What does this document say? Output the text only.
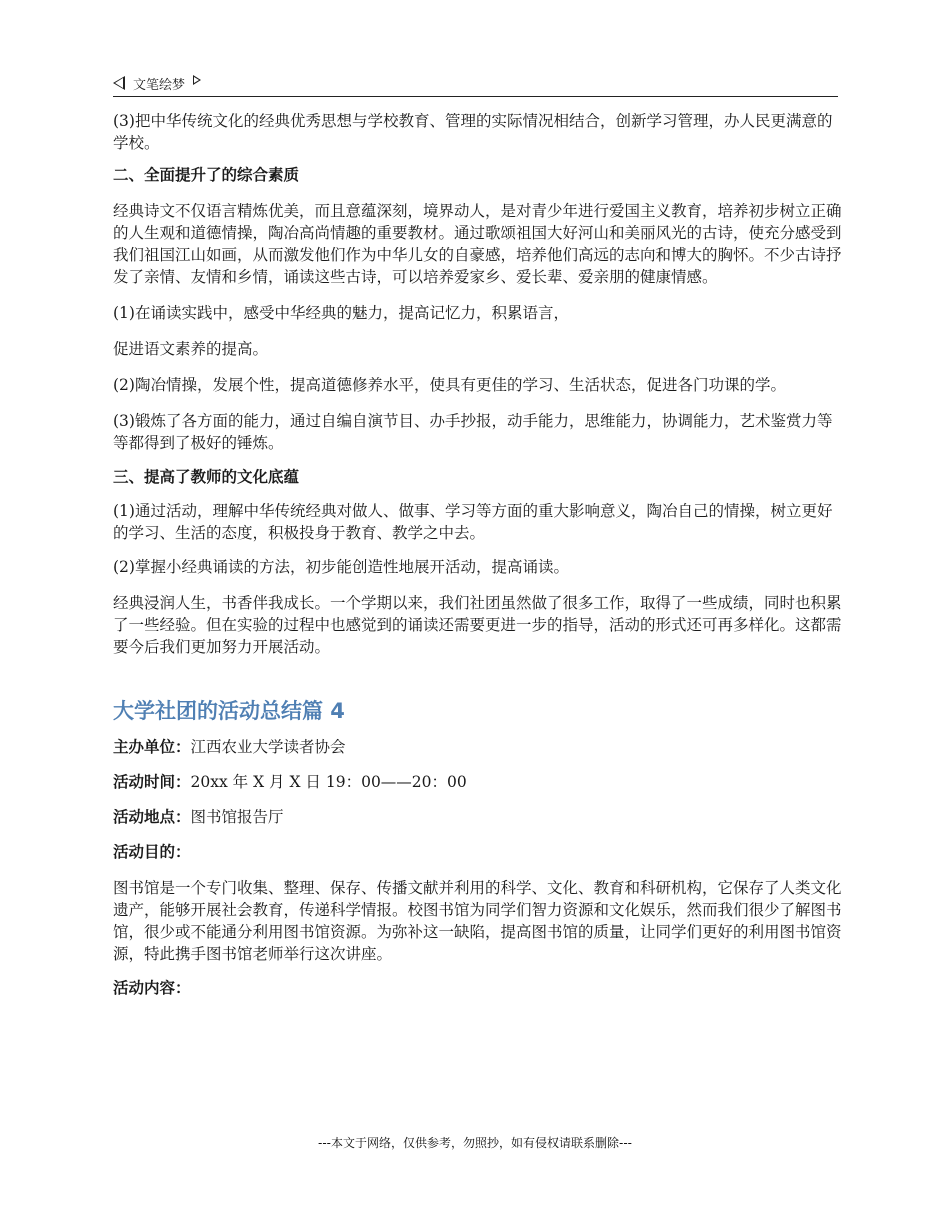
文笔绘梦

(3)把中华传统文化的经典优秀思想与学校教育、管理的实际情况相结合，创新学习管理，办人民更满意的学校。

二、全面提升了的综合素质

经典诗文不仅语言精炼优美，而且意蕴深刻，境界动人，是对青少年进行爱国主义教育，培养初步树立正确的人生观和道德情操，陶冶高尚情趣的重要教材。通过歌颂祖国大好河山和美丽风光的古诗，使充分感受到我们祖国江山如画，从而激发他们作为中华儿女的自豪感，培养他们高远的志向和博大的胸怀。不少古诗抒发了亲情、友情和乡情，诵读这些古诗，可以培养爱家乡、爱长辈、爱亲朋的健康情感。

(1)在诵读实践中，感受中华经典的魅力，提高记忆力，积累语言，

促进语文素养的提高。

(2)陶冶情操，发展个性，提高道德修养水平，使具有更佳的学习、生活状态，促进各门功课的学。

(3)锻炼了各方面的能力，通过自编自演节目、办手抄报，动手能力，思维能力，协调能力，艺术鉴赏力等等都得到了极好的锤炼。

三、提高了教师的文化底蕴

(1)通过活动，理解中华传统经典对做人、做事、学习等方面的重大影响意义，陶冶自己的情操，树立更好的学习、生活的态度，积极投身于教育、教学之中去。

(2)掌握小经典诵读的方法，初步能创造性地展开活动，提高诵读。

经典浸润人生，书香伴我成长。一个学期以来，我们社团虽然做了很多工作，取得了一些成绩，同时也积累了一些经验。但在实验的过程中也感觉到的诵读还需要更进一步的指导，活动的形式还可再多样化。这都需要今后我们更加努力开展活动。

大学社团的活动总结篇 4

主办单位：江西农业大学读者协会

活动时间：20xx 年 X 月 X 日 19：00——20：00

活动地点：图书馆报告厅

活动目的：

图书馆是一个专门收集、整理、保存、传播文献并利用的科学、文化、教育和科研机构，它保存了人类文化遗产，能够开展社会教育，传递科学情报。校图书馆为同学们智力资源和文化娱乐，然而我们很少了解图书馆，很少或不能通分利用图书馆资源。为弥补这一缺陷，提高图书馆的质量，让同学们更好的利用图书馆资源，特此携手图书馆老师举行这次讲座。

活动内容：

---本文于网络，仅供参考，勿照抄，如有侵权请联系删除---
